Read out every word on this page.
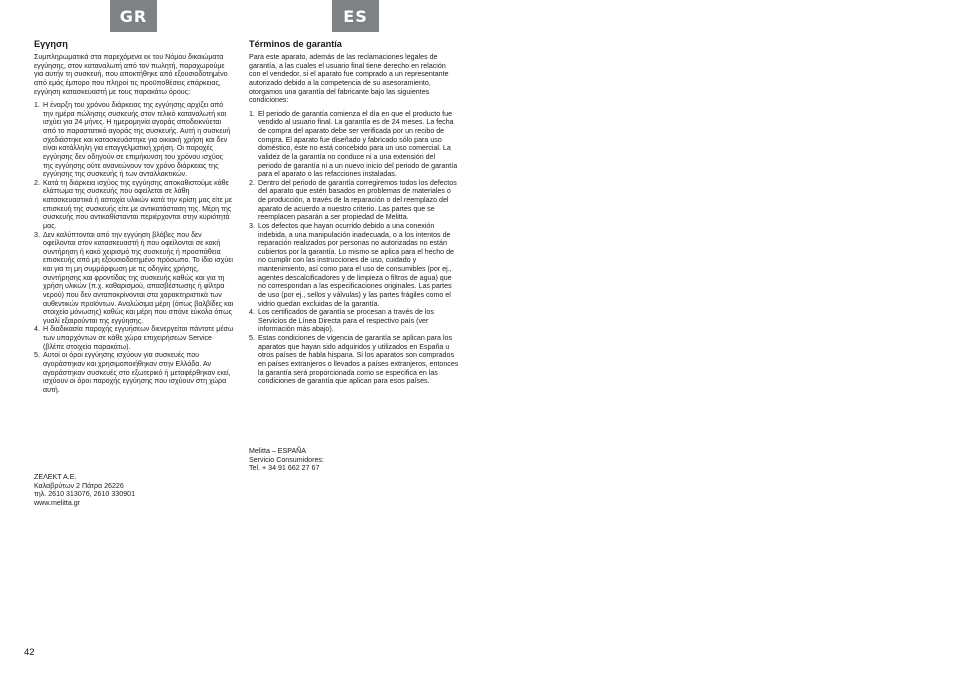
GR	ES
Εγγηση

Συμπληρωματικά στα παρεχόμενα εκ του Νόμου δικαιώματα εγγύησης, στον καταναλωτή από τον πωλητή, παραχωρούμε για αυτήν τη συσκευή, που αποκτήθηκε από εξουσιοδοτημένο από εμάς έμπορο που πληροί τις προϋποθέσεις επάρκειας, εγγύηση κατασκευαστή με τους παρακάτω όρους:

1. Η έναρξη του χρόνου διάρκειας της εγγύησης αρχίζει από την ημέρα πώλησης συσκευής στον τελικό καταναλωτή και ισχύει για 24 μήνες. Η ημερομηνία αγοράς αποδεικνύεται από το παραστατικό αγοράς της συσκευής. Αυτή η συσκευή σχεδιάστηκε και κατασκευάστηκε για οικιακή χρήση και δεν είναι κατάλληλη για επαγγελματική χρήση. Οι παροχές εγγύησης δεν οδηγούν σε επιμήκυνση του χρόνου ισχύος της εγγύησης ούτε ανανεώνουν τον χρόνο διάρκειας της εγγύησης της συσκευής ή των ανταλλακτικών.
2. Κατά τη διάρκεια ισχύος της εγγύησης αποκαθιστούμε κάθε ελάττωμα της συσκευής που οφείλεται σε λάθη κατασκευαστικά ή αστοχία υλικών κατά την κρίση μας είτε με επισκευή της συσκευής είτε με αντικατάσταση της. Μέρη της συσκευής που αντικαθίστανται περιέρχονται στην κυριότητά μας.
3. Δεν καλύπτονται από την εγγύηση βλάβες που δεν οφείλονται στον κατασκευαστή ή που οφείλονται σε κακή συντήρηση ή κακό χειρισμό της συσκευής ή προσπάθεια επισκευής από μη εξουσιοδοτημένο πρόσωπο. Το ίδιο ισχύει και για τη μη συμμόρφωση με τις οδηγίες χρήσης, συντήρησης και φροντίδας της συσκευής καθώς και για τη χρήση υλικών (π.χ. καθαρισμού, απασβέστωσης ή φίλτρα νερού) που δεν ανταποκρίνονται στα χαρακτηριστικά των αυθεντικών προϊόντων. Αναλώσιμα μέρη (όπως βαλβίδες και στοιχεία μόνωσης) καθώς και μέρη που σπάνε εύκολα όπως γυαλί εξαιρούνται της εγγύησης.
4. Η διαδικασία παροχής εγγυήσεων διενεργείται πάντοτε μέσω των υπαρχόντων σε κάθε χώρα επιχειρήσεων Service (βλέπε στοιχεία παρακάτω).
5. Αυτοί οι όροι εγγύησης ισχύουν για συσκευές που αγοράστηκαν και χρησιμοποιήθηκαν στην Ελλάδα. Αν αγοράστηκαν συσκευές στο εξωτερικό ή μεταφέρθηκαν εκεί, ισχύουν οι όροι παροχής εγγύησης που ισχύουν στη χώρα αυτή.
ΖΕΛΕΚΤ Α.Ε.
Καλαβρύτων 2 Πάτρα 26226
τηλ. 2610 313076, 2610 330901
www.melitta.gr
Términos de garantía

Para este aparato, además de las reclamaciones legales de garantía, a las cuales el usuario final tiene derecho en relación con el vendedor, si el aparato fue comprado a un representante autorizado debido a la competencia de su asesoramiento, otorgamos una garantía del fabricante bajo las siguientes condiciones:

1. El periodo de garantía comienza el día en que el producto fue vendido al usuario final. La garantía es de 24 meses. La fecha de compra del aparato debe ser verificada por un recibo de compra. El aparato fue diseñado y fabricado sólo para uso doméstico, éste no está concebido para un uso comercial. La validez de la garantía no conduce ni a una extensión del periodo de garantía ni a un nuevo inicio del periodo de garantía para el aparato o las refacciones instaladas.
2. Dentro del periodo de garantía corregiremos todos los defectos del aparato que estén basados en problemas de materiales o de producción, a través de la reparación o del reemplazo del aparato de acuerdo a nuestro criterio. Las partes que se reemplacen pasarán a ser propiedad de Melitta.
3. Los defectos que hayan ocurrido debido a una conexión indebida, a una manipulación inadecuada, o a los intentos de reparación realizados por personas no autorizadas no están cubiertos por la garantía. Lo mismo se aplica para el hecho de no cumplir con las instrucciones de uso, cuidado y mantenimiento, así como para el uso de consumibles (por ej., agentes descalcificadores y de limpieza o filtros de agua) que no correspondan a las especificaciones originales. Las partes de uso (por ej., sellos y válvulas) y las partes frágiles como el vidrio quedan excluidas de la garantía.
4. Los certificados de garantía se procesan a través de los Servicios de Línea Directa para el respectivo país (ver información más abajo).
5. Estas condiciones de vigencia de garantía se aplican para los aparatos que hayan sido adquiridos y utilizados en España u otros países de habla hispana. Si los aparatos son comprados en países extranjeros o llevados a países extranjeros, entonces la garantía será proporcionada como se especifica en las condiciones de garantía que aplican para esos países.
Melitta – ESPAÑA
Servicio Consumidores:
Tel. + 34 91 662 27 67
42
